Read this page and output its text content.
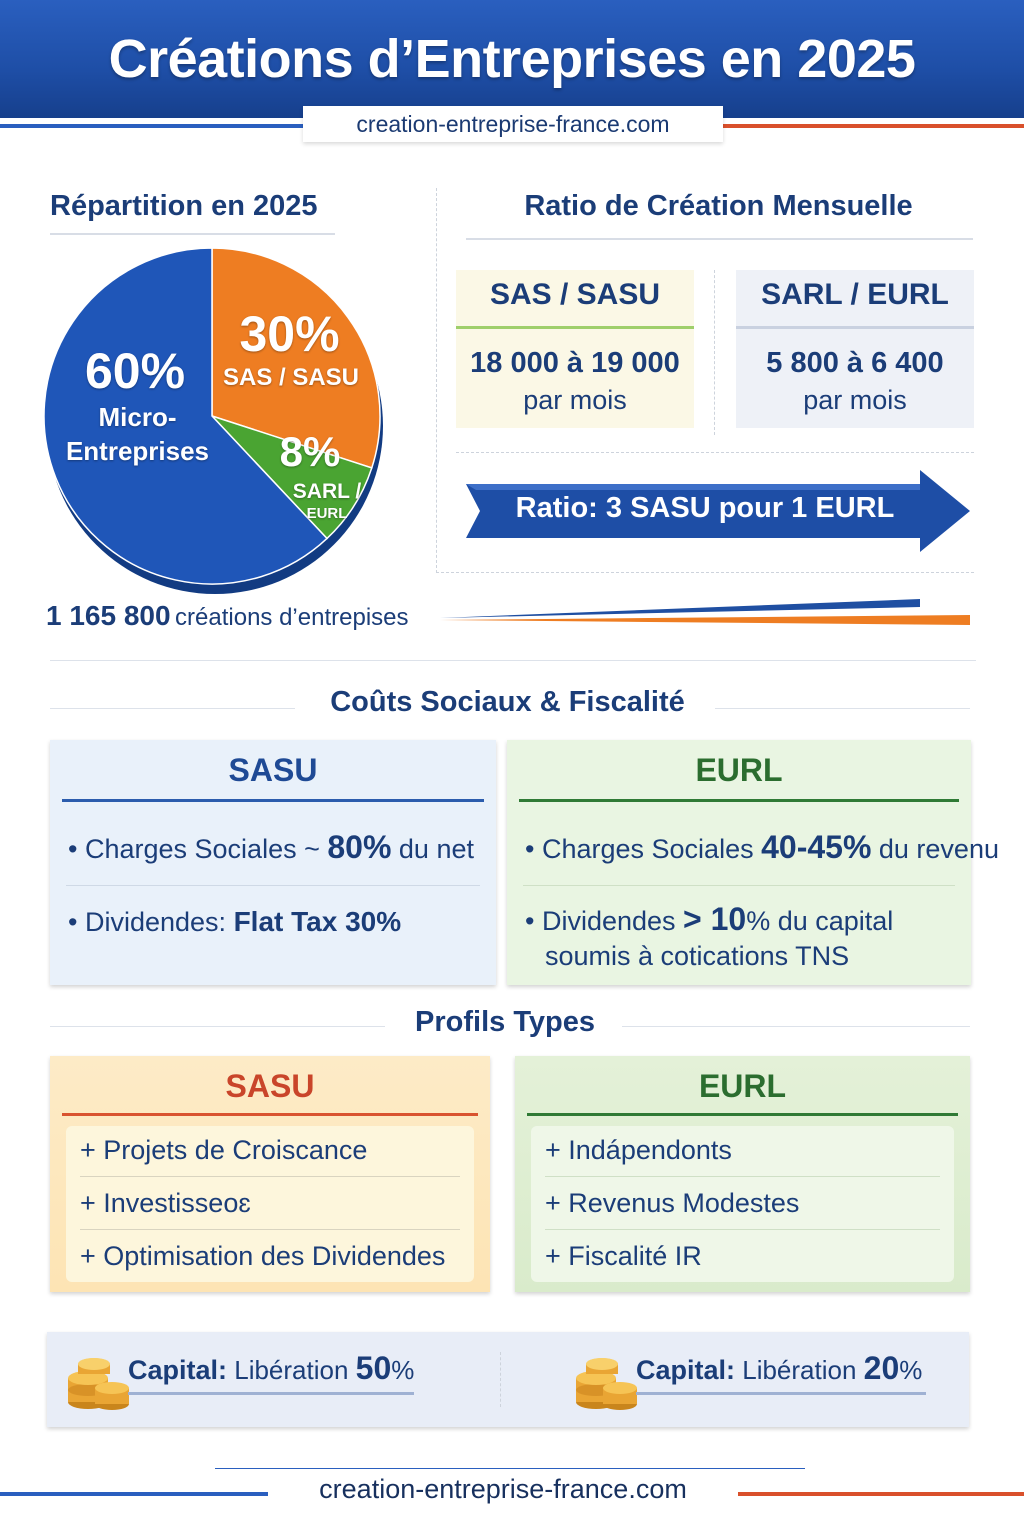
Créations d’Entreprises en 2025
creation-entreprise-france.com
Répartition en 2025
60%
Micro-
Entreprises
30%
SAS / SASU
8%
SARL /
EURL
1 165 800 créations d’entrepises
Ratio de Création Mensuelle
SAS / SASU
18 000 à 19 000
par mois
SARL / EURL
5 800 à 6 400
par mois
Ratio: 3 SASU pour 1 EURL
Coûts Sociaux & Fiscalité
SASU
• Charges Sociales ~ 80% du net
• Dividendes: Flat Tax 30%
EURL
• Charges Sociales 40-45% du revenu
• Dividendes > 10% du capital
soumis à cotications TNS
Profils Types
SASU
+ Projets de Croiscance
+ Investisseoɛ
+ Optimisation des Dividendes
EURL
+ Indápendonts
+ Revenus Modestes
+ Fiscalité IR
Capital: Libération 50%	Capital: Libération 20%
creation-entreprise-france.com
